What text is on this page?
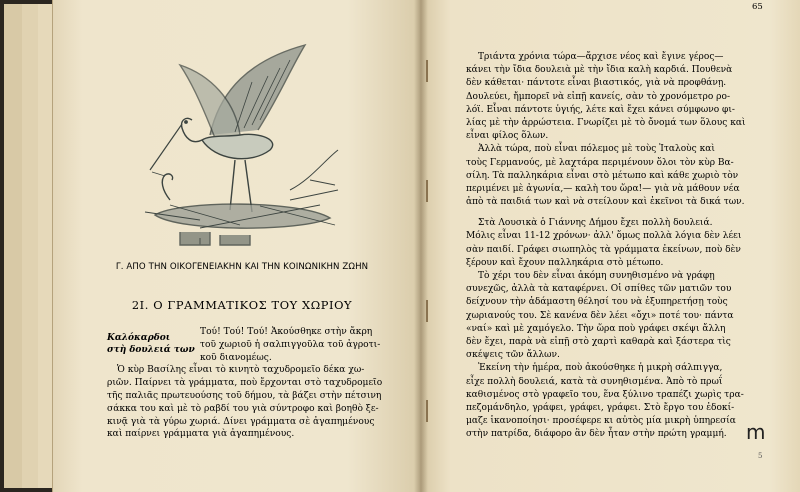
Γ. ΑΠΟ ΤΗΝ ΟΙΚΟΓΕΝΕΙΑΚΗΝ ΚΑΙ ΤΗΝ ΚΟΙΝΩΝΙΚΗΝ ΖΩΗΝ
2Ι. Ο ΓΡΑΜΜΑΤΙΚΟΣ ΤΟΥ ΧΩΡΙΟΥ
Καλόκαρδοι
στὴ δουλειά των
Τού! Τού! Τού! Ἀκούσθηκε στὴν ἄκρη
τοῦ χωριοῦ ἡ σαλπιγγοῦλα τοῦ ἀγροτι-
κοῦ διανομέως.
Ὁ κὺρ Βασίλης εἶναι τὸ κινητὸ ταχυδρομεῖο δέκα χω-
ριῶν. Παίρνει τὰ γράμματα, ποὺ ἔρχονται στὸ ταχυδρομεῖο
τῆς παλιᾶς πρωτευούσης τοῦ δήμου, τὰ βάζει στὴν πέτσινη
σάκκα του καὶ μὲ τὸ ραβδί του γιὰ σύντροφο καὶ βοηθὸ ξε-
κινᾷ γιὰ τὰ γύρω χωριά. Δίνει γράμματα σὲ ἀγαπημένους
καὶ παίρνει γράμματα γιὰ ἀγαπημένους.
65
Τριάντα χρόνια τώρα—ἄρχισε νέος καὶ ἔγινε γέρος—
κάνει τὴν ἴδια δουλειὰ μὲ τὴν ἴδια καλὴ καρδιά. Πουθενὰ
δὲν κάθεται· πάντοτε εἶναι βιαστικός, γιὰ νὰ προφθάνῃ.
Δουλεύει, ἤμπορεῖ νὰ εἰπῇ κανείς, σὰν τὸ χρονόμετρο ρο-
λόϊ. Εἶναι πάντοτε ὑγιής, λέτε καὶ ἔχει κάνει σύμφωνο φι-
λίας μὲ τὴν ἀρρώστεια. Γνωρίζει μὲ τὸ ὄνομά των ὅλους καὶ
εἶναι φίλος ὅλων.
Ἀλλὰ τώρα, ποὺ εἶναι πόλεμος μὲ τοὺς Ἰταλοὺς καὶ
τοὺς Γερμανούς, μὲ λαχτάρα περιμένουν ὅλοι τὸν κὺρ Βα-
σίλη. Τὰ παλληκάρια εἶναι στὸ μέτωπο καὶ κάθε χωριὸ τὸν
περιμένει μὲ ἀγωνία,— καλὴ του ὥρα!— γιὰ νὰ μάθουν νέα
ἀπὸ τὰ παιδιά των καὶ νὰ στείλουν καὶ ἐκεῖνοι τὰ δικά των.
Στὰ Λουσικὰ ὁ Γιάννης Δήμου ἔχει πολλὴ δουλειά.
Μόλις εἶναι 11-12 χρόνων· ἀλλ' ὅμως πολλὰ λόγια δὲν λέει
σὰν παιδί. Γράφει σιωπηλὸς τὰ γράμματα ἐκείνων, ποὺ δὲν
ξέρουν καὶ ἔχουν παλληκάρια στὸ μέτωπο.
Τὸ χέρι του δὲν εἶναι ἀκόμη συνηθισμένο νὰ γράφῃ
συνεχῶς, ἀλλὰ τὰ καταφέρνει. Οἱ σπίθες τῶν ματιῶν του
δείχνουν τὴν ἀδάμαστη θέλησί του νὰ ἐξυπηρετήσῃ τοὺς
χωριανούς του. Σὲ κανένα δὲν λέει «ὄχι» ποτέ του· πάντα
«ναί» καὶ μὲ χαμόγελο. Τὴν ὥρα ποὺ γράφει σκέψι ἄλλη
δὲν ἔχει, παρὰ νὰ εἰπῇ στὸ χαρτὶ καθαρὰ καὶ ξάστερα τὶς
σκέψεις τῶν ἄλλων.
Ἐκείνη τὴν ἡμέρα, ποὺ ἀκούσθηκε ἡ μικρὴ σάλπιγγα,
εἶχε πολλὴ δουλειά, κατὰ τὰ συνηθισμένα. Ἀπὸ τὸ πρωΐ
καθισμένος στὸ γραφεῖο του, ἕνα ξύλινο τραπέζι χωρὶς τρα-
πεζομάνδηλο, γράφει, γράφει, γράφει. Στὸ ἔργο του ἐδοκί-
μαζε ἱκανοποίησι· προσέφερε κι αὐτὸς μία μικρὴ ὑπηρεσία
στὴν πατρίδα, διάφορο ἂν δὲν ἦταν στὴν πρώτη γραμμή. m
5
